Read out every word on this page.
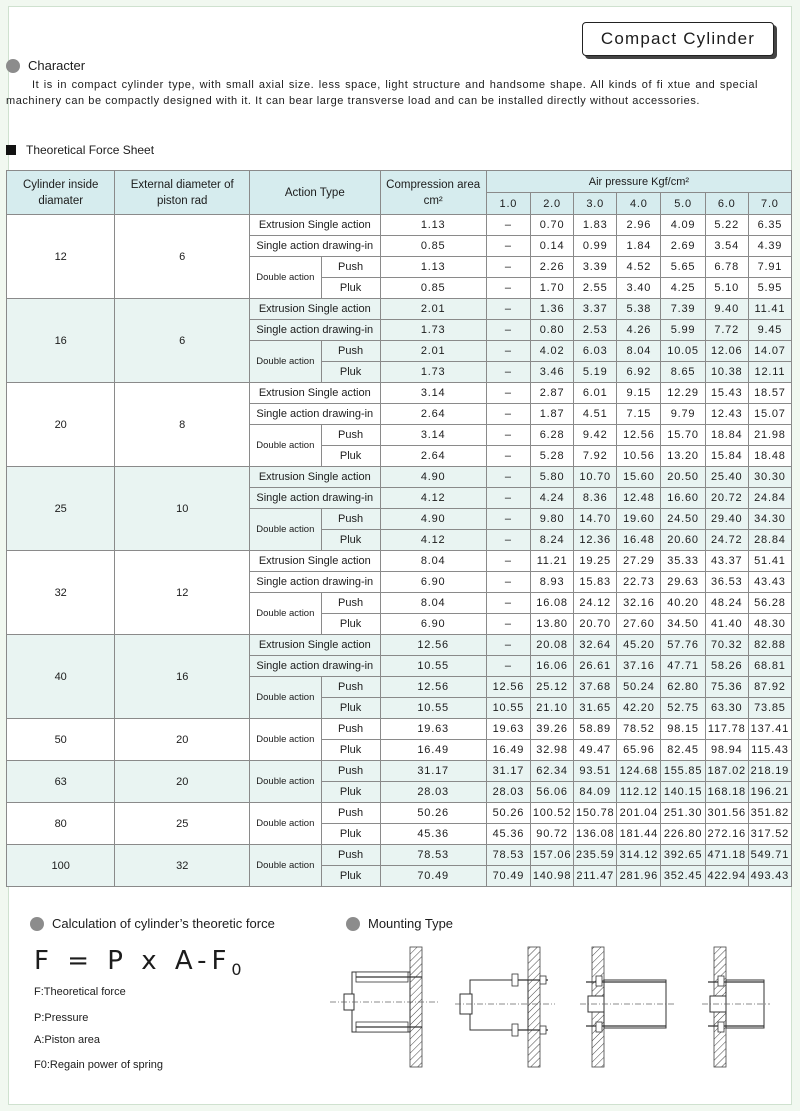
Compact Cylinder
Character
It is in compact cylinder type, with small axial size. less space, light structure and handsome shape. All kinds of fi xtue and special machinery can be compactly designed with it. It can bear large transverse load and can be installed directly without accessories.
Theoretical Force Sheet
Cylinder inside diamater	External diameter of piston rad	Action Type		Compression area
cm²	Air pressure Kgf/cm²						
					1.0	2.0	3.0	4.0	5.0	6.0	7.0
12	6	Extrusion Single action		1.13	–	0.70	1.83	2.96	4.09	5.22	6.35
		Single action drawing-in		0.85	–	0.14	0.99	1.84	2.69	3.54	4.39
		Double action	Push	1.13	–	2.26	3.39	4.52	5.65	6.78	7.91
			Pluk	0.85	–	1.70	2.55	3.40	4.25	5.10	5.95
16	6	Extrusion Single action		2.01	–	1.36	3.37	5.38	7.39	9.40	11.41
		Single action drawing-in		1.73	–	0.80	2.53	4.26	5.99	7.72	9.45
		Double action	Push	2.01	–	4.02	6.03	8.04	10.05	12.06	14.07
			Pluk	1.73	–	3.46	5.19	6.92	8.65	10.38	12.11
20	8	Extrusion Single action		3.14	–	2.87	6.01	9.15	12.29	15.43	18.57
		Single action drawing-in		2.64	–	1.87	4.51	7.15	9.79	12.43	15.07
		Double action	Push	3.14	–	6.28	9.42	12.56	15.70	18.84	21.98
			Pluk	2.64	–	5.28	7.92	10.56	13.20	15.84	18.48
25	10	Extrusion Single action		4.90	–	5.80	10.70	15.60	20.50	25.40	30.30
		Single action drawing-in		4.12	–	4.24	8.36	12.48	16.60	20.72	24.84
		Double action	Push	4.90	–	9.80	14.70	19.60	24.50	29.40	34.30
			Pluk	4.12	–	8.24	12.36	16.48	20.60	24.72	28.84
32	12	Extrusion Single action		8.04	–	11.21	19.25	27.29	35.33	43.37	51.41
		Single action drawing-in		6.90	–	8.93	15.83	22.73	29.63	36.53	43.43
		Double action	Push	8.04	–	16.08	24.12	32.16	40.20	48.24	56.28
			Pluk	6.90	–	13.80	20.70	27.60	34.50	41.40	48.30
40	16	Extrusion Single action		12.56	–	20.08	32.64	45.20	57.76	70.32	82.88
		Single action drawing-in		10.55	–	16.06	26.61	37.16	47.71	58.26	68.81
		Double action	Push	12.56	12.56	25.12	37.68	50.24	62.80	75.36	87.92
			Pluk	10.55	10.55	21.10	31.65	42.20	52.75	63.30	73.85
50	20	Double action	Push	19.63	19.63	39.26	58.89	78.52	98.15	117.78	137.41
			Pluk	16.49	16.49	32.98	49.47	65.96	82.45	98.94	115.43
63	20	Double action	Push	31.17	31.17	62.34	93.51	124.68	155.85	187.02	218.19
			Pluk	28.03	28.03	56.06	84.09	112.12	140.15	168.18	196.21
80	25	Double action	Push	50.26	50.26	100.52	150.78	201.04	251.30	301.56	351.82
			Pluk	45.36	45.36	90.72	136.08	181.44	226.80	272.16	317.52
100	32	Double action	Push	78.53	78.53	157.06	235.59	314.12	392.65	471.18	549.71
			Pluk	70.49	70.49	140.98	211.47	281.96	352.45	422.94	493.43
Calculation of cylinder’s theoretic force
F = P x $A-F_0$
F:Theoretical force
P:Pressure
A:Piston area
F0:Regain power of spring
Mounting Type
